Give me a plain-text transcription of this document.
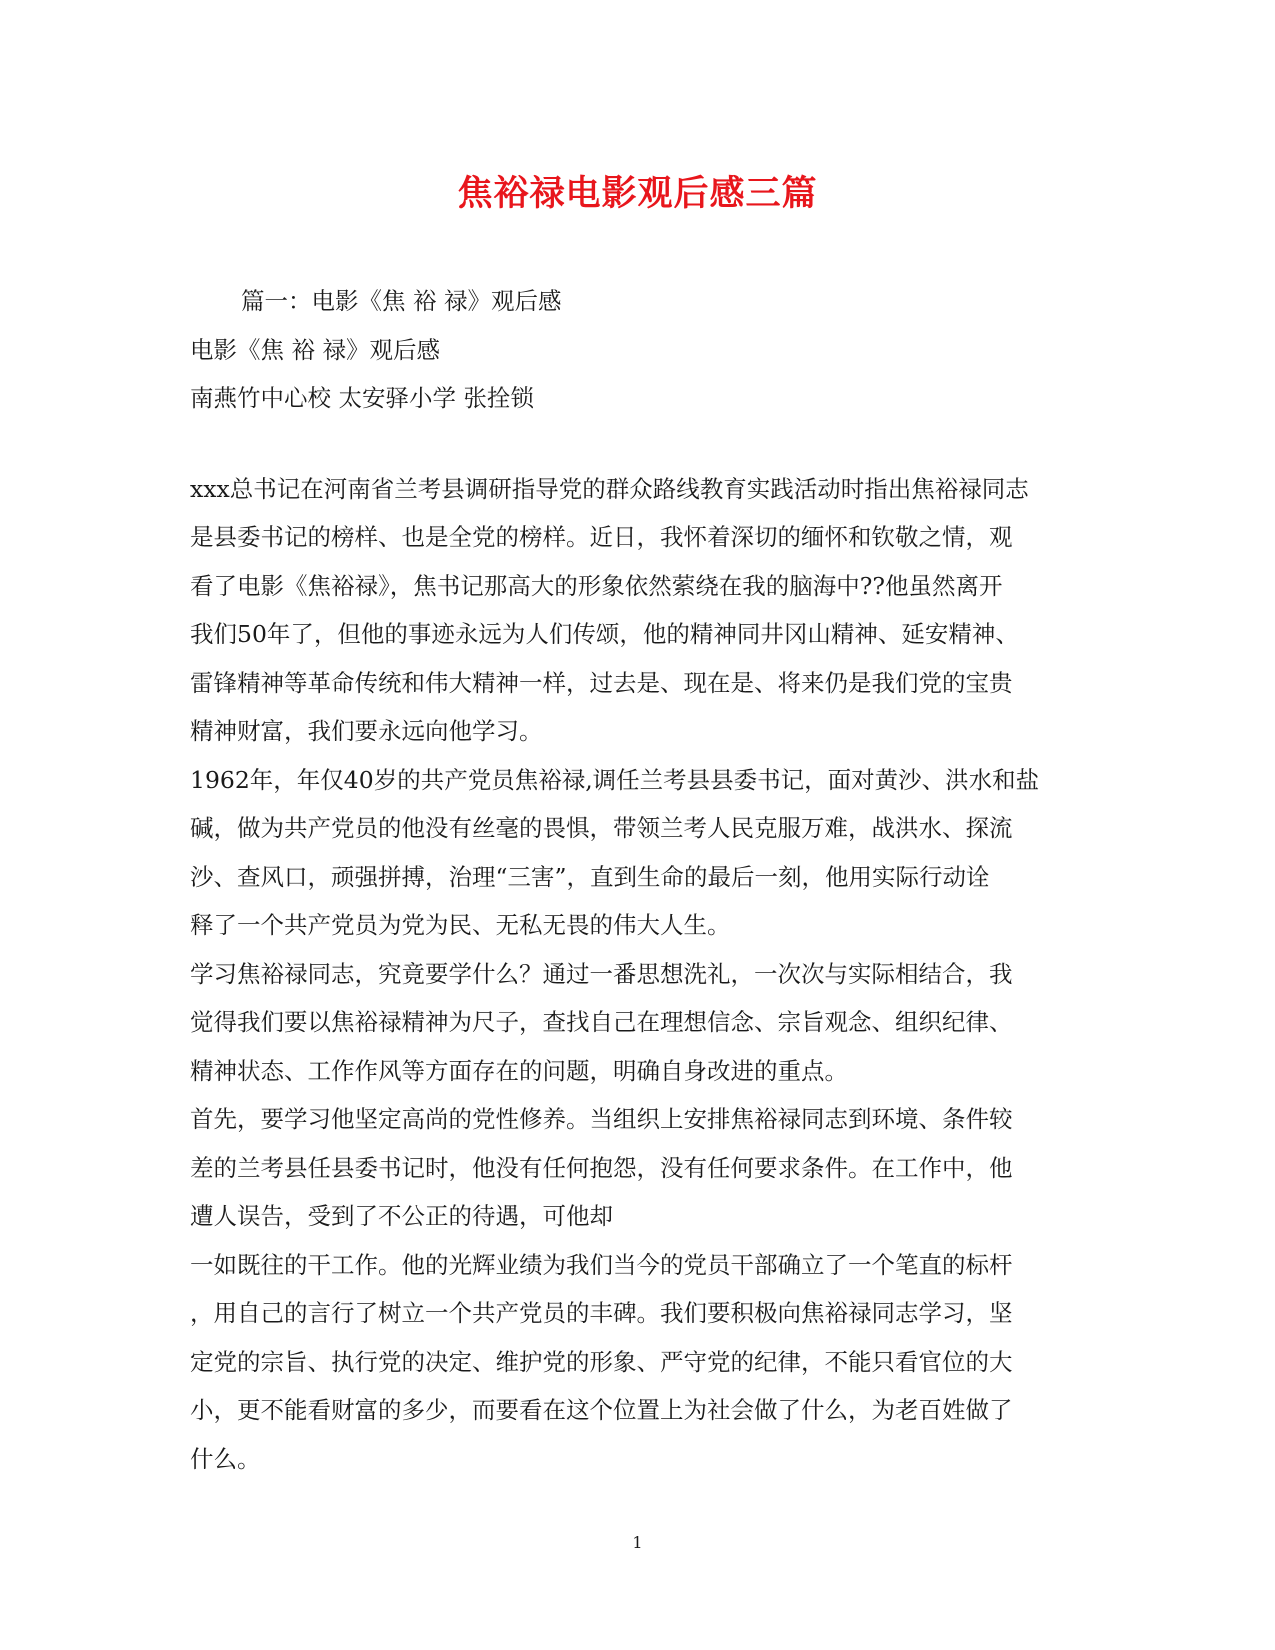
焦裕禄电影观后感三篇
篇一：电影《焦 裕 禄》观后感
电影《焦 裕 禄》观后感
南燕竹中心校 太安驿小学 张拴锁
xxx总书记在河南省兰考县调研指导党的群众路线教育实践活动时指出焦裕禄同志
是县委书记的榜样、也是全党的榜样。近日，我怀着深切的缅怀和钦敬之情，观
看了电影《焦裕禄》，焦书记那高大的形象依然萦绕在我的脑海中??他虽然离开
我们50年了，但他的事迹永远为人们传颂，他的精神同井冈山精神、延安精神、
雷锋精神等革命传统和伟大精神一样，过去是、现在是、将来仍是我们党的宝贵
精神财富，我们要永远向他学习。
1962年，年仅40岁的共产党员焦裕禄,调任兰考县县委书记，面对黄沙、洪水和盐
碱，做为共产党员的他没有丝毫的畏惧，带领兰考人民克服万难，战洪水、探流
沙、查风口，顽强拼搏，治理“三害”，直到生命的最后一刻，他用实际行动诠
释了一个共产党员为党为民、无私无畏的伟大人生。
学习焦裕禄同志，究竟要学什么？通过一番思想洗礼，一次次与实际相结合，我
觉得我们要以焦裕禄精神为尺子，查找自己在理想信念、宗旨观念、组织纪律、
精神状态、工作作风等方面存在的问题，明确自身改进的重点。
首先，要学习他坚定高尚的党性修养。当组织上安排焦裕禄同志到环境、条件较
差的兰考县任县委书记时，他没有任何抱怨，没有任何要求条件。在工作中，他
遭人误告，受到了不公正的待遇，可他却
一如既往的干工作。他的光辉业绩为我们当今的党员干部确立了一个笔直的标杆
，用自己的言行了树立一个共产党员的丰碑。我们要积极向焦裕禄同志学习，坚
定党的宗旨、执行党的决定、维护党的形象、严守党的纪律，不能只看官位的大
小，更不能看财富的多少，而要看在这个位置上为社会做了什么，为老百姓做了
什么。
1
